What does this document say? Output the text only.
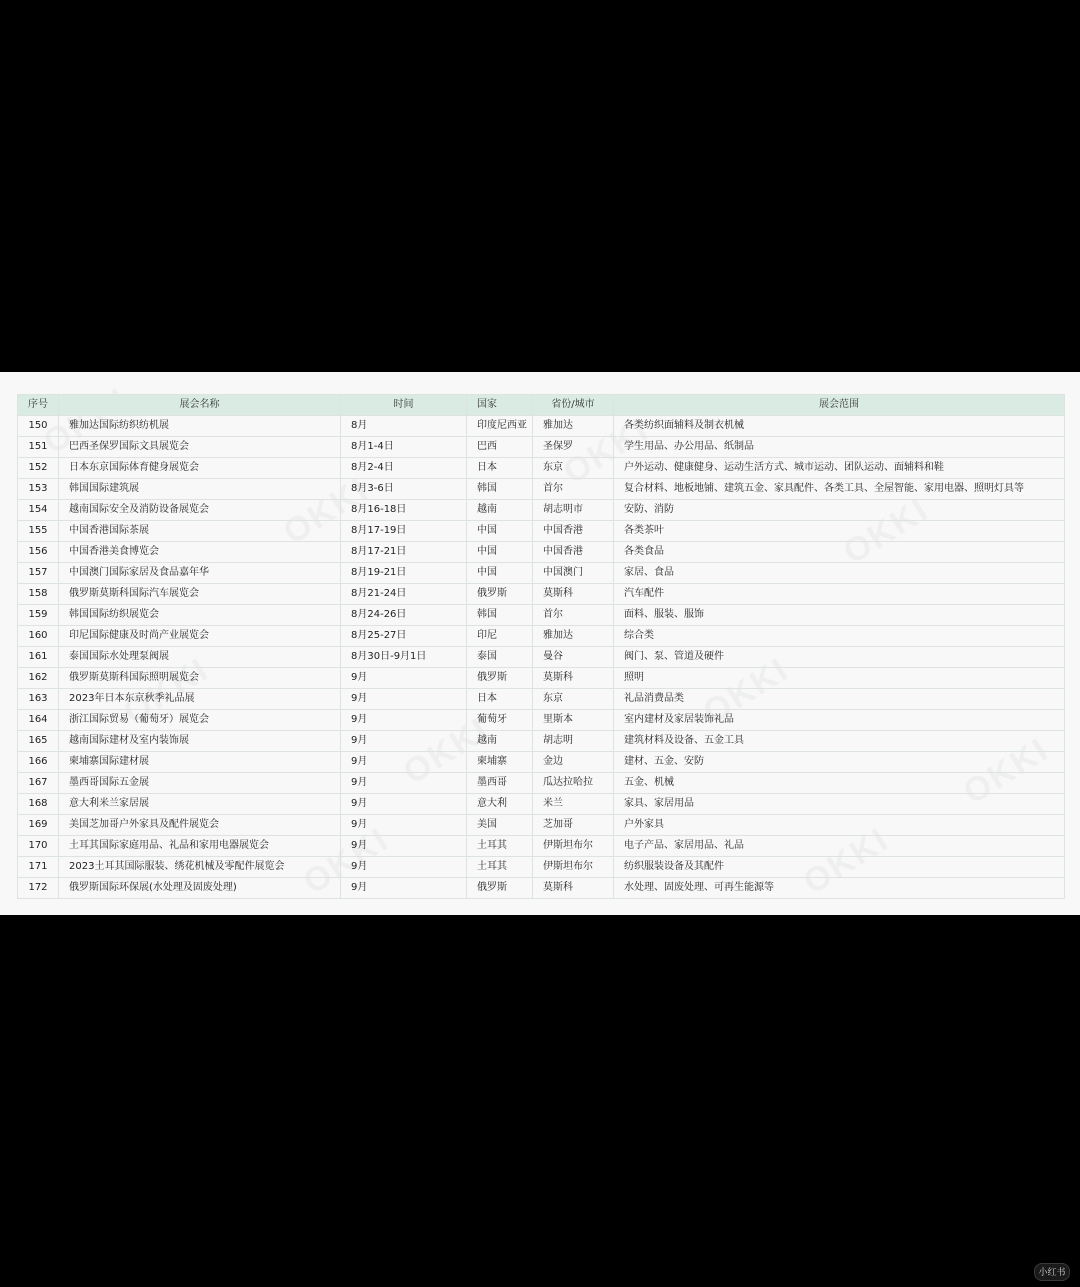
序号	展会名称	时间	国家	省份/城市	展会范围
150	雅加达国际纺织纺机展	8月	印度尼西亚	雅加达	各类纺织面辅料及制衣机械
151	巴西圣保罗国际文具展览会	8月1-4日	巴西	圣保罗	学生用品、办公用品、纸制品
152	日本东京国际体育健身展览会	8月2-4日	日本	东京	户外运动、健康健身、运动生活方式、城市运动、团队运动、面辅料和鞋
153	韩国国际建筑展	8月3-6日	韩国	首尔	复合材料、地板地铺、建筑五金、家具配件、各类工具、全屋智能、家用电器、照明灯具等
154	越南国际安全及消防设备展览会	8月16-18日	越南	胡志明市	安防、消防
155	中国香港国际茶展	8月17-19日	中国	中国香港	各类茶叶
156	中国香港美食博览会	8月17-21日	中国	中国香港	各类食品
157	中国澳门国际家居及食品嘉年华	8月19-21日	中国	中国澳门	家居、食品
158	俄罗斯莫斯科国际汽车展览会	8月21-24日	俄罗斯	莫斯科	汽车配件
159	韩国国际纺织展览会	8月24-26日	韩国	首尔	面料、服装、服饰
160	印尼国际健康及时尚产业展览会	8月25-27日	印尼	雅加达	综合类
161	泰国国际水处理泵阀展	8月30日-9月1日	泰国	曼谷	阀门、泵、管道及硬件
162	俄罗斯莫斯科国际照明展览会	9月	俄罗斯	莫斯科	照明
163	2023年日本东京秋季礼品展	9月	日本	东京	礼品消费品类
164	浙江国际贸易（葡萄牙）展览会	9月	葡萄牙	里斯本	室内建材及家居装饰礼品
165	越南国际建材及室内装饰展	9月	越南	胡志明	建筑材料及设备、五金工具
166	柬埔寨国际建材展	9月	柬埔寨	金边	建材、五金、安防
167	墨西哥国际五金展	9月	墨西哥	瓜达拉哈拉	五金、机械
168	意大利米兰家居展	9月	意大利	米兰	家具、家居用品
169	美国芝加哥户外家具及配件展览会	9月	美国	芝加哥	户外家具
170	土耳其国际家庭用品、礼品和家用电器展览会	9月	土耳其	伊斯坦布尔	电子产品、家居用品、礼品
171	2023土耳其国际服装、绣花机械及零配件展览会	9月	土耳其	伊斯坦布尔	纺织服装设备及其配件
172	俄罗斯国际环保展(水处理及固废处理)	9月	俄罗斯	莫斯科	水处理、固废处理、可再生能源等
小红书
